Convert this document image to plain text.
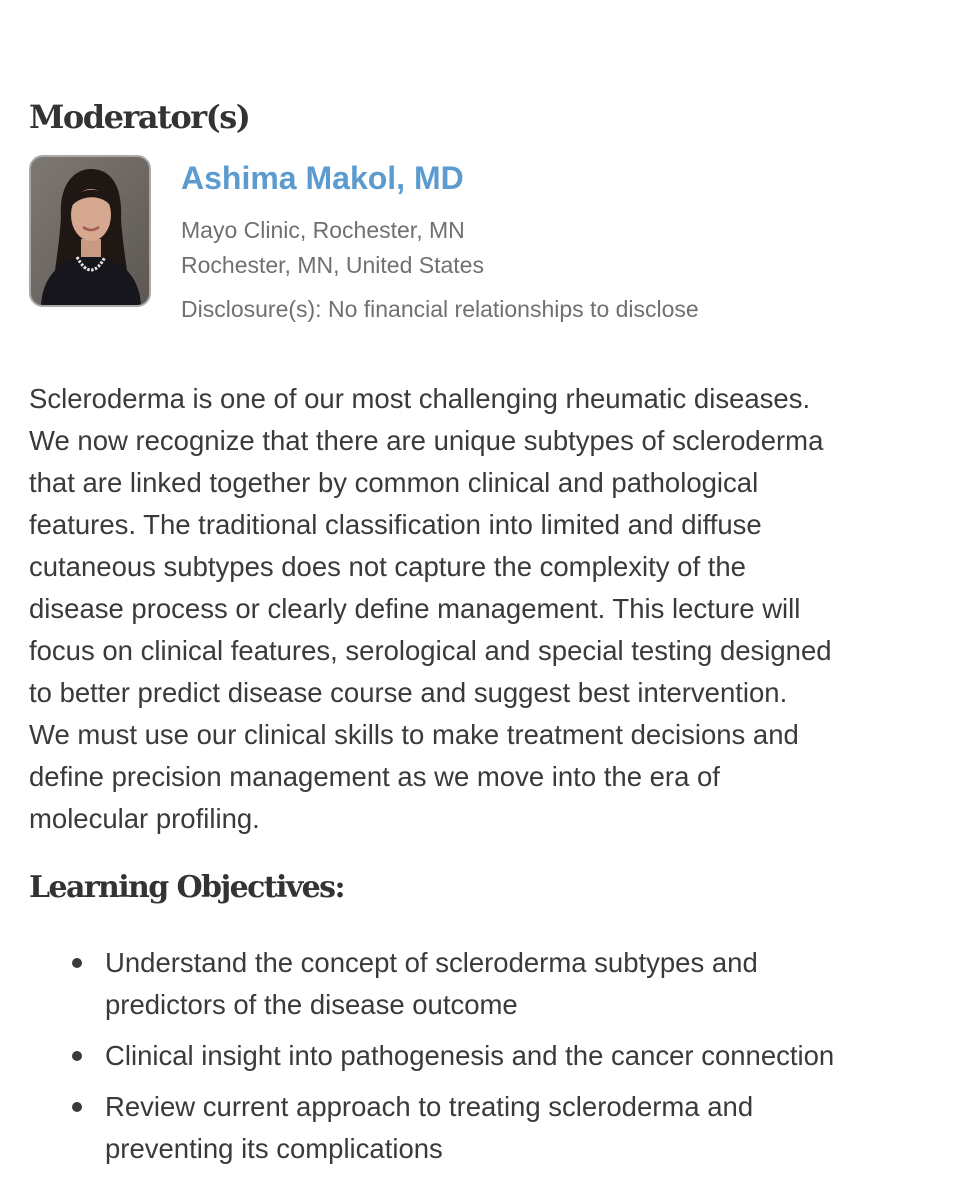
Moderator(s)
Ashima Makol, MD
Mayo Clinic, Rochester, MN
Rochester, MN, United States
Disclosure(s): No financial relationships to disclose

Scleroderma is one of our most challenging rheumatic diseases.
We now recognize that there are unique subtypes of scleroderma
that are linked together by common clinical and pathological
features. The traditional classification into limited and diffuse
cutaneous subtypes does not capture the complexity of the
disease process or clearly define management. This lecture will
focus on clinical features, serological and special testing designed
to better predict disease course and suggest best intervention.
We must use our clinical skills to make treatment decisions and
define precision management as we move into the era of
molecular profiling.

Learning Objectives:
Understand the concept of scleroderma subtypes and
predictors of the disease outcome
Clinical insight into pathogenesis and the cancer connection
Review current approach to treating scleroderma and
preventing its complications
